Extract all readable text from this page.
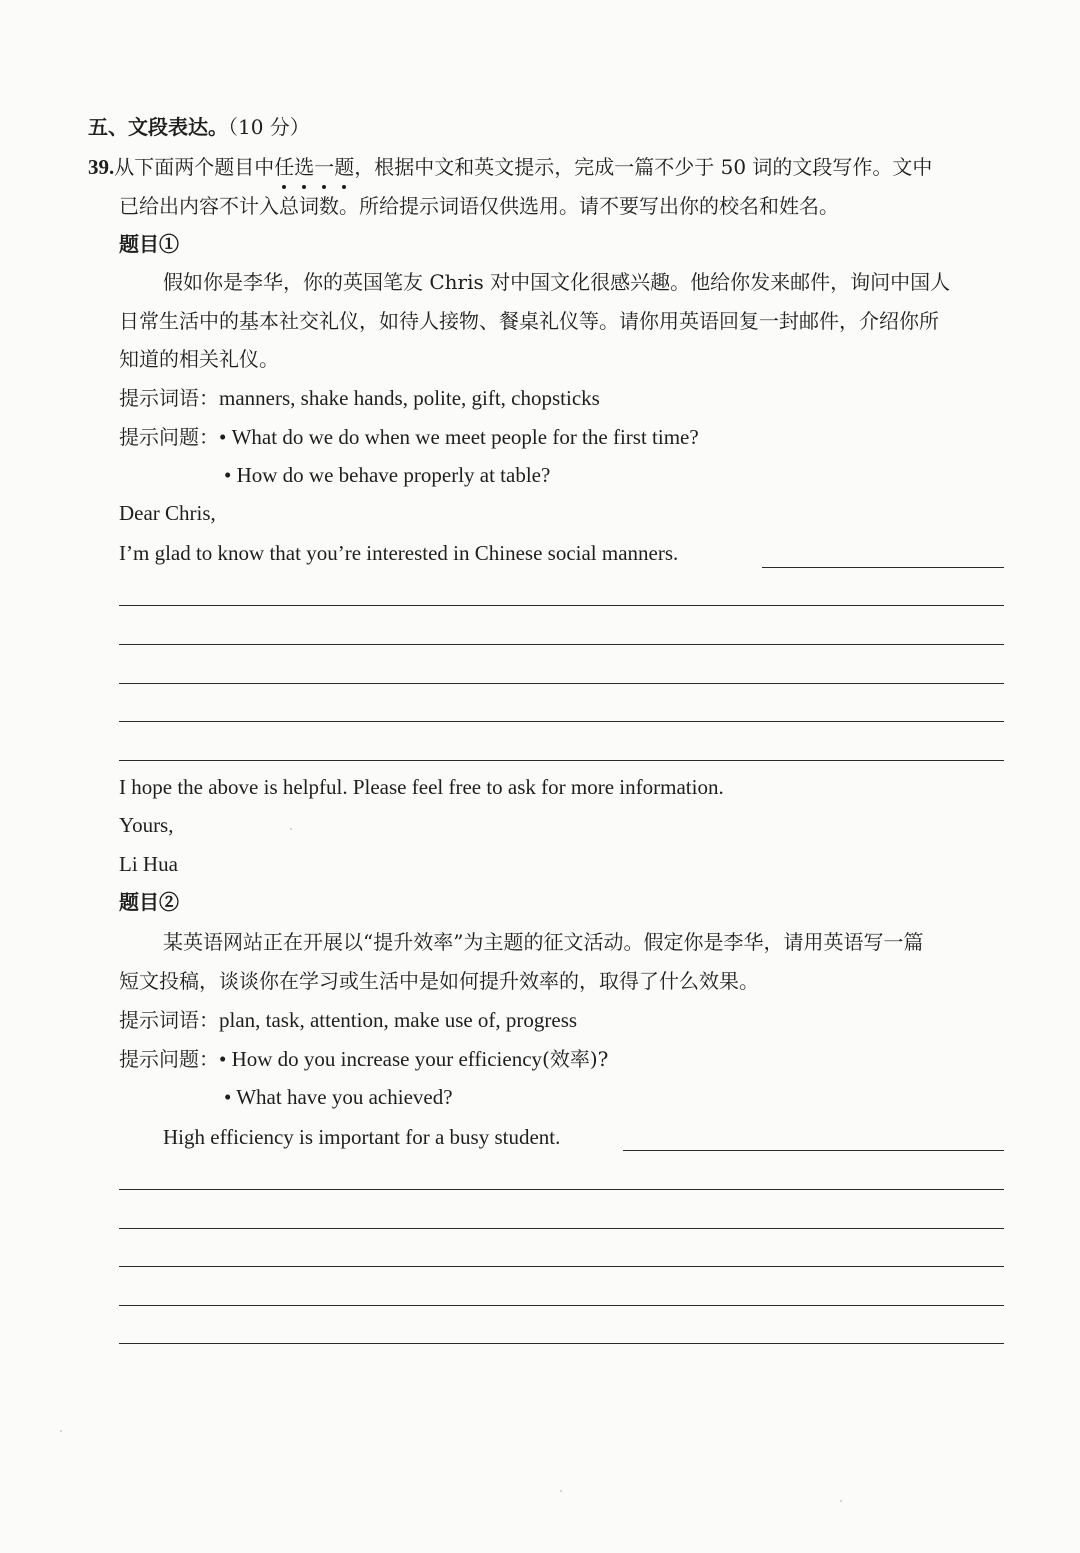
五、文段表达。（10 分）
39.从下面两个题目中任
选
一
题
，根据中文和英文提示，完成一篇不少于 50 词的文段写作。文中
已给出内容不计入总词数。所给提示词语仅供选用。请不要写出你的校名和姓名。
题目①
假如你是李华，你的英国笔友 Chris 对中国文化很感兴趣。他给你发来邮件，询问中国人
日常生活中的基本社交礼仪，如待人接物、餐桌礼仪等。请你用英语回复一封邮件，介绍你所
知道的相关礼仪。
提示词语：manners, shake hands, polite, gift, chopsticks
提示问题：• What do we do when we meet people for the first time?
• How do we behave properly at table?
Dear Chris,
I’m glad to know that you’re interested in Chinese social manners.
I hope the above is helpful. Please feel free to ask for more information.
Yours,
Li Hua
题目②
某英语网站正在开展以“提升效率”为主题的征文活动。假定你是李华，请用英语写一篇
短文投稿，谈谈你在学习或生活中是如何提升效率的，取得了什么效果。
提示词语：plan, task, attention, make use of, progress
提示问题：• How do you increase your efficiency(效率)?
• What have you achieved?
High efficiency is important for a busy student.
